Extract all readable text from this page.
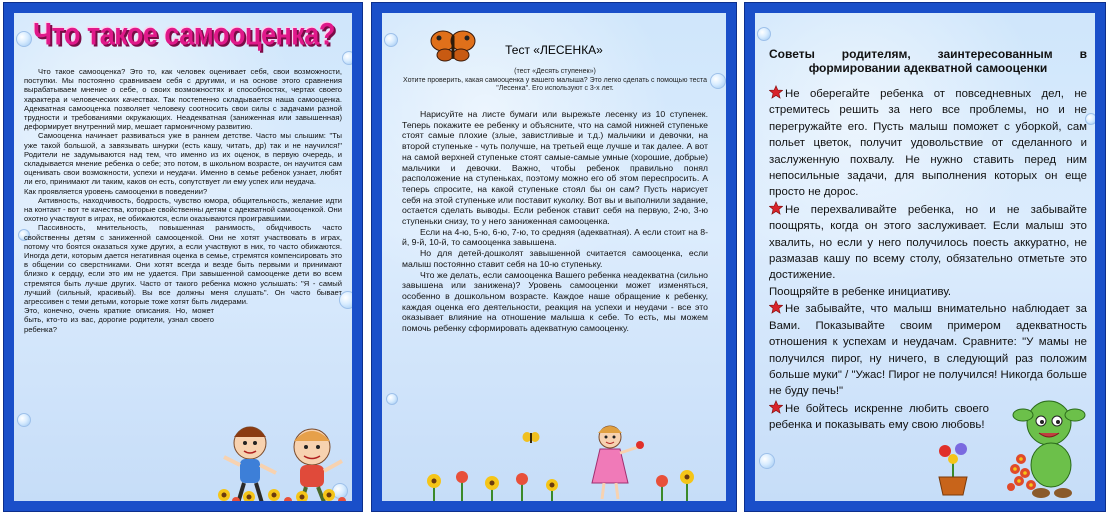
Что такое самооценка?

Что такое самооценка? Это то, как человек оценивает себя, свои возможности, поступки. Мы постоянно сравниваем себя с другими, и на основе этого сравнения вырабатываем мнение о себе, о своих возможностях и способностях, чертах своего характера и человеческих качествах. Так постепенно складывается наша самооценка. Адекватная самооценка позволяет человеку соотносить свои силы с задачами разной трудности и требованиями окружающих. Неадекватная (заниженная или завышенная) деформирует внутренний мир, мешает гармоничному развитию.

Самооценка начинает развиваться уже в раннем детстве. Часто мы слышим: "Ты уже такой большой, а завязывать шнурки (есть кашу, читать, др) так и не научился!" Родители не задумываются над тем, что именно из их оценок, в первую очередь, и складывается мнение ребенка о себе; это потом, в школьном возрасте, он научится сам оценивать свои возможности, успехи и неудачи. Именно в семье ребенок узнает, любят ли его, принимают ли таким, каков он есть, сопутствует ли ему успех или неудача.

Как проявляется уровень самооценки в поведении?

Активность, находчивость, бодрость, чувство юмора, общительность, желание идти на контакт - вот те качества, которые свойственны детям с адекватной самооценкой. Они охотно участвуют в играх, не обижаются, если оказываются проигравшими.

Пассивность, мнительность, повышенная ранимость, обидчивость часто свойственны детям с заниженной самооценкой. Они не хотят участвовать в играх, потому что боятся оказаться хуже других, а если участвуют в них, то часто обижаются. Иногда дети, которым дается негативная оценка в семье, стремятся компенсировать это в общении со сверстниками. Они хотят всегда и везде быть первыми и принимают близко к сердцу, если это им не удается. При завышенной самооценке дети во всем стремятся быть лучше других. Часто от такого ребенка можно услышать: "Я - самый лучший (сильный, красивый). Вы все должны меня слушать". Он часто бывает агрессивен с теми детьми, которые тоже хотят быть лидерами.

Это, конечно, очень краткие описания. Но, может быть, кто-то из вас, дорогие родители, узнал своего ребенка?

Тест «ЛЕСЕНКА»
(тест «Десять ступенек»)
Хотите проверить, какая самооценка у вашего малыша? Это легко сделать с помощью теста "Лесенка". Его используют с 3-х лет.

Нарисуйте на листе бумаги или вырежьте лесенку из 10 ступенек. Теперь покажите ее ребенку и объясните, что на самой нижней ступеньке стоят самые плохие (злые, завистливые и т.д.) мальчики и девочки, на второй ступеньке - чуть получше, на третьей еще лучше и так далее. А вот на самой верхней ступеньке стоят самые-самые умные (хорошие, добрые) мальчики и девочки. Важно, чтобы ребенок правильно понял расположение на ступеньках, поэтому можно его об этом переспросить. А теперь спросите, на какой ступеньке стоял бы он сам? Пусть нарисует себя на этой ступеньке или поставит куколку. Вот вы и выполнили задание, остается сделать выводы. Если ребенок ставит себя на первую, 2-ю, 3-ю ступеньки снизу, то у него заниженная самооценка.

Если на 4-ю, 5-ю, 6-ю, 7-ю, то средняя (адекватная). А если стоит на 8-й, 9-й, 10-й, то самооценка завышена.

Но для детей-дошколят завышенной считается самооценка, если малыш постоянно ставит себя на 10-ю ступеньку.

Что же делать, если самооценка Вашего ребенка неадекватна (сильно завышена или занижена)? Уровень самооценки может изменяться, особенно в дошкольном возрасте. Каждое наше обращение к ребенку, каждая оценка его деятельности, реакция на успехи и неудачи - все это оказывает влияние на отношение малыша к себе. То есть, мы можем помочь ребенку сформировать адекватную самооценку.

Советы родителям, заинтересованным в формировании адекватной самооценки

Не оберегайте ребенка от повседневных дел, не стремитесь решить за него все проблемы, но и не перегружайте его. Пусть малыш поможет с уборкой, сам польет цветок, получит удовольствие от сделанного и заслуженную похвалу. Не нужно ставить перед ним непосильные задачи, для выполнения которых он еще просто не дорос.

Не перехваливайте ребенка, но и не забывайте поощрять, когда он этого заслуживает. Если малыш это хвалить, но если у него получилось поесть аккуратно, не размазав кашу по всему столу, обязательно отметьте это достижение.

Поощряйте в ребенке инициативу.

Не забывайте, что малыш внимательно наблюдает за Вами. Показывайте своим примером адекватность отношения к успехам и неудачам. Сравните: "У мамы не получился пирог, ну ничего, в следующий раз положим больше муки" / "Ужас! Пирог не получился! Никогда больше не буду печь!"

Не бойтесь искренне любить своего ребенка и показывать ему свою любовь!
